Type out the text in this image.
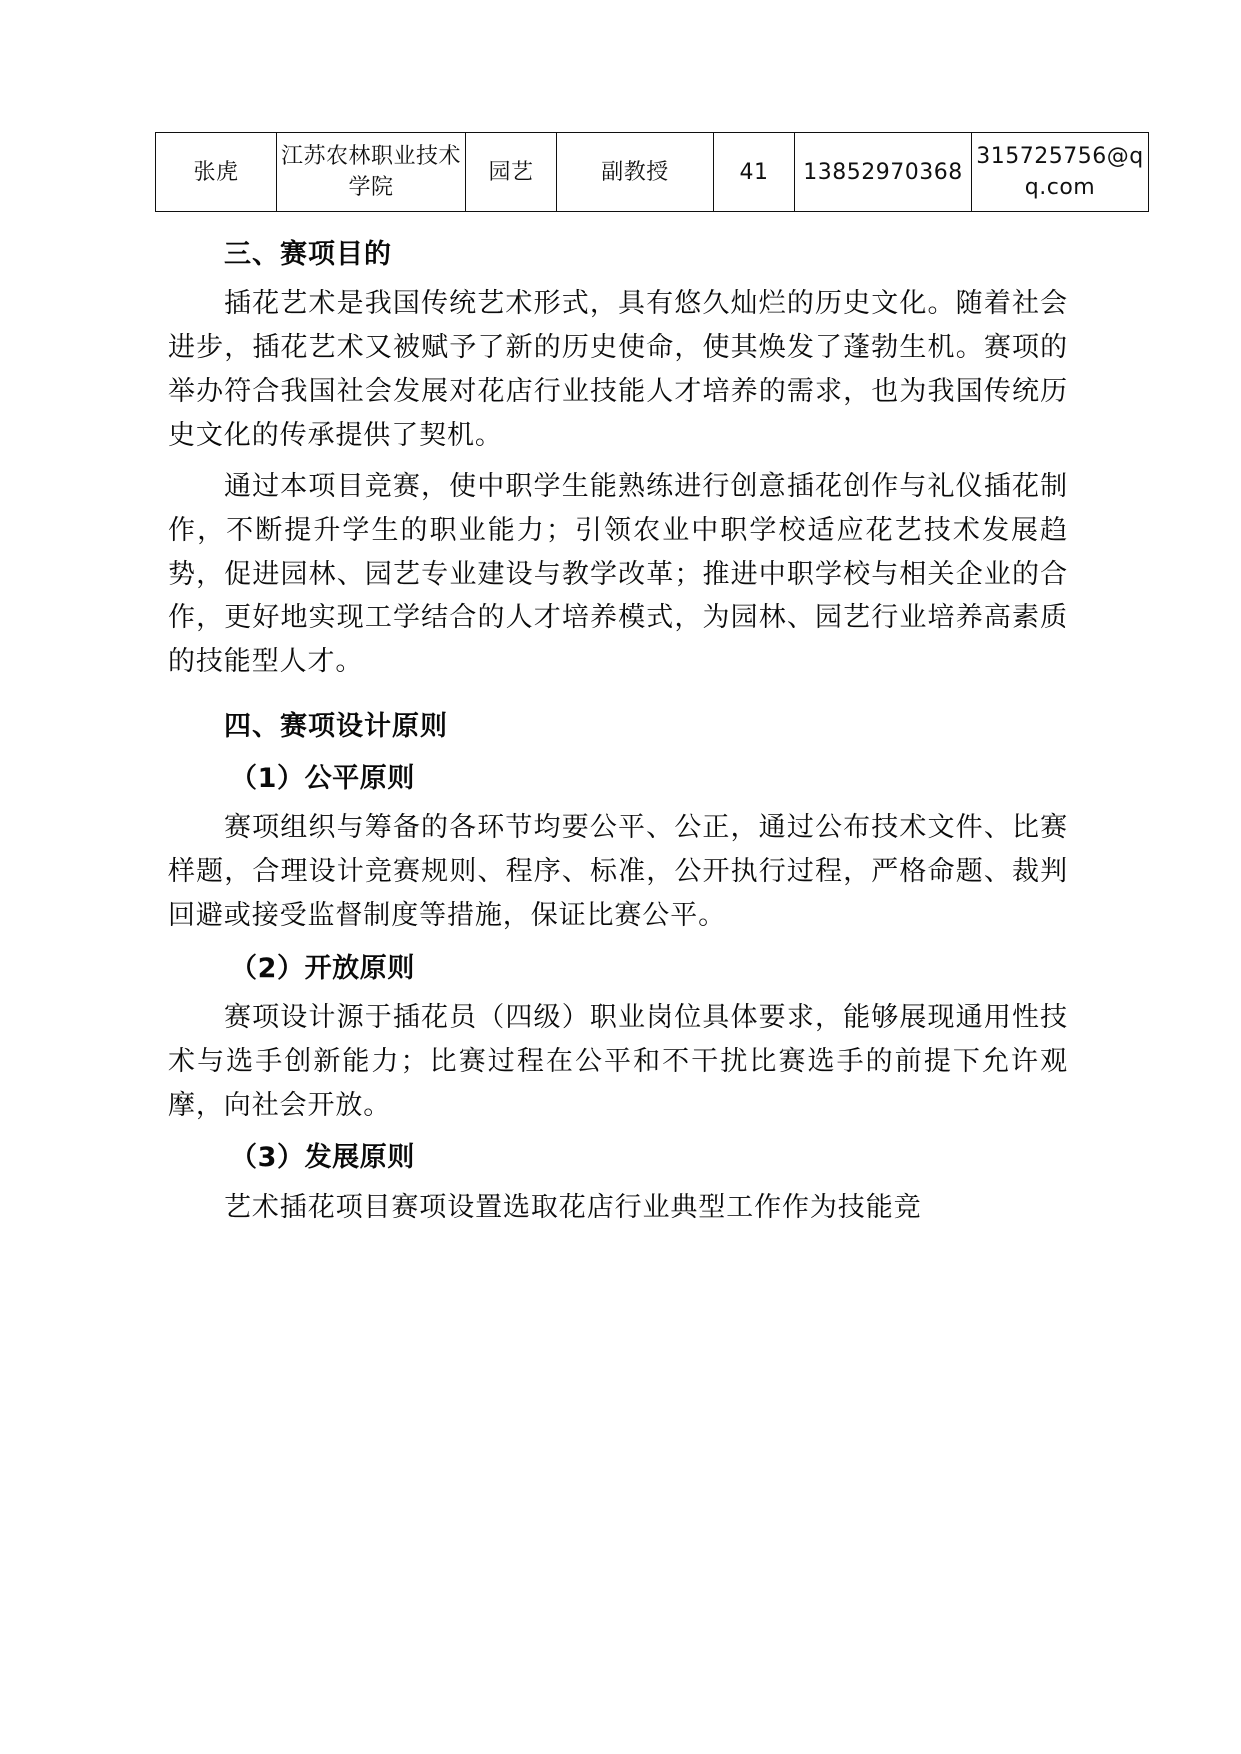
张虎	江苏农林职业技术学院	园艺	副教授	41	13852970368	315725756@qq.com
三、赛项目的

插花艺术是我国传统艺术形式，具有悠久灿烂的历史文化。随着社会进步，插花艺术又被赋予了新的历史使命，使其焕发了蓬勃生机。赛项的举办符合我国社会发展对花店行业技能人才培养的需求，也为我国传统历史文化的传承提供了契机。

通过本项目竞赛，使中职学生能熟练进行创意插花创作与礼仪插花制作，不断提升学生的职业能力；引领农业中职学校适应花艺技术发展趋势，促进园林、园艺专业建设与教学改革；推进中职学校与相关企业的合作，更好地实现工学结合的人才培养模式，为园林、园艺行业培养高素质的技能型人才。

四、赛项设计原则
（1）公平原则

赛项组织与筹备的各环节均要公平、公正，通过公布技术文件、比赛样题，合理设计竞赛规则、程序、标准，公开执行过程，严格命题、裁判回避或接受监督制度等措施，保证比赛公平。

（2）开放原则

赛项设计源于插花员（四级）职业岗位具体要求，能够展现通用性技术与选手创新能力；比赛过程在公平和不干扰比赛选手的前提下允许观摩，向社会开放。

（3）发展原则

艺术插花项目赛项设置选取花店行业典型工作作为技能竞
